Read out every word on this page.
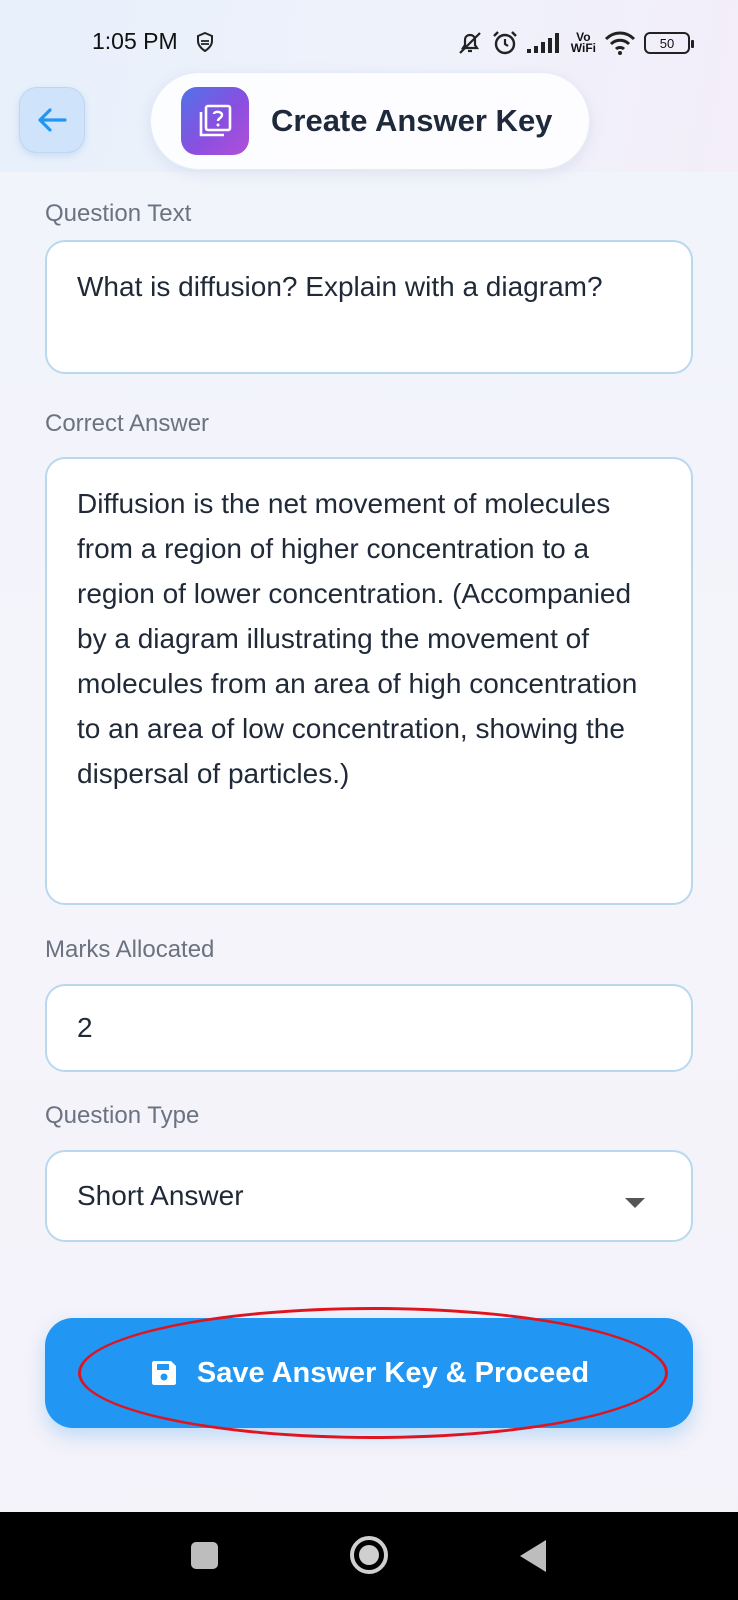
1:05 PM	Vo
WiFi	50
Create Answer Key
Question Text
What is diffusion? Explain with a diagram?
Correct Answer
Diffusion is the net movement of molecules from a region of higher concentration to a region of lower concentration. (Accompanied by a diagram illustrating the movement of molecules from an area of high concentration to an area of low concentration, showing the dispersal of particles.)
Marks Allocated
2
Question Type
Short Answer
Save Answer Key & Proceed
